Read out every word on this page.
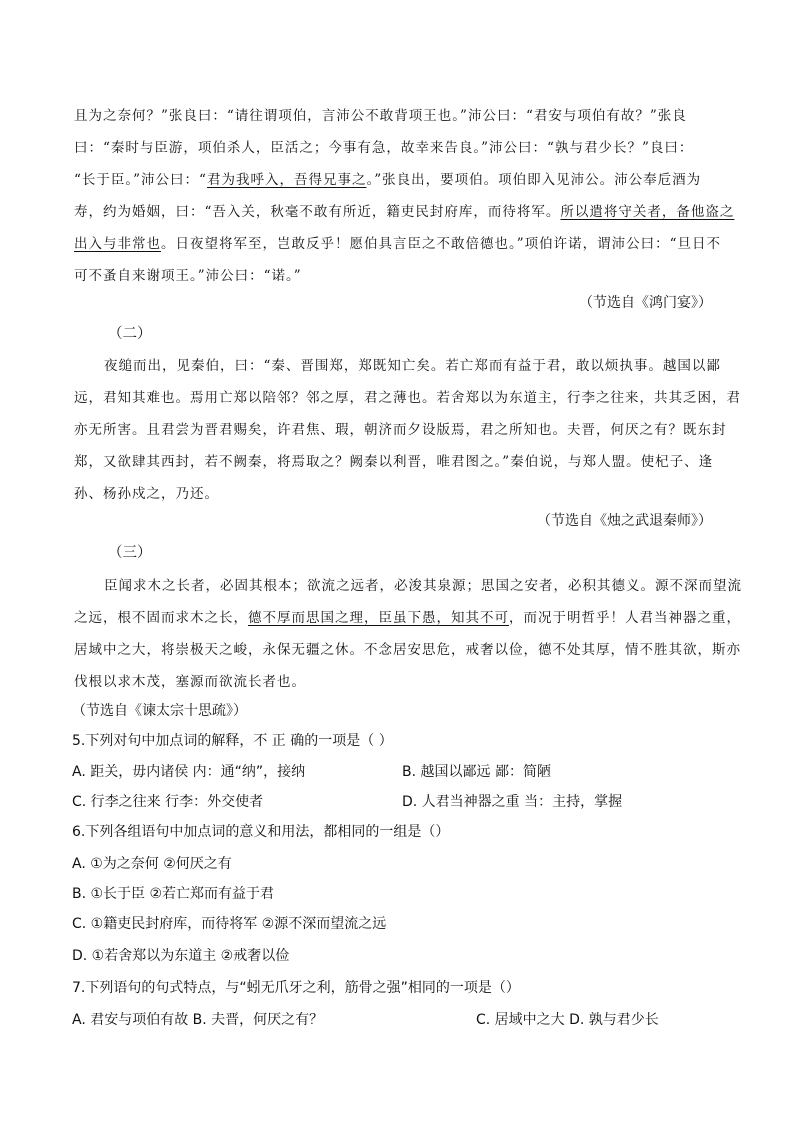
且为之奈何？”张良曰：“请往谓项伯，言沛公不敢背项王也。”沛公曰：“君安与项伯有故？”张良
曰：“秦时与臣游，项伯杀人，臣活之；今事有急，故幸来告良。”沛公曰：“孰与君少长？”良曰：
“长于臣。”沛公曰：“君为我呼入，吾得兄事之。”张良出，要项伯。项伯即入见沛公。沛公奉卮酒为
寿，约为婚姻，曰：“吾入关，秋毫不敢有所近，籍吏民封府库，而待将军。所以遣将守关者，备他盗之
出入与非常也。日夜望将军至，岂敢反乎！愿伯具言臣之不敢倍德也。”项伯许诺，谓沛公曰：“旦日不
可不蚤自来谢项王。”沛公曰：“诺。”
（节选自《鸿门宴》）
（二）
夜缒而出，见秦伯，曰：“秦、晋围郑，郑既知亡矣。若亡郑而有益于君，敢以烦执事。越国以鄙
远，君知其难也。焉用亡郑以陪邻？邻之厚，君之薄也。若舍郑以为东道主，行李之往来，共其乏困，君
亦无所害。且君尝为晋君赐矣，许君焦、瑕，朝济而夕设版焉，君之所知也。夫晋，何厌之有？既东封
郑，又欲肆其西封，若不阙秦，将焉取之？阙秦以利晋，唯君图之。”秦伯说，与郑人盟。使杞子、逢
孙、杨孙戍之，乃还。
（节选自《烛之武退秦师》）
（三）
臣闻求木之长者，必固其根本；欲流之远者，必浚其泉源；思国之安者，必积其德义。源不深而望流
之远，根不固而求木之长，德不厚而思国之理，臣虽下愚，知其不可，而况于明哲乎！人君当神器之重，
居域中之大，将崇极天之峻，永保无疆之休。不念居安思危，戒奢以俭，德不处其厚，情不胜其欲，斯亦
伐根以求木茂，塞源而欲流长者也。
（节选自《谏太宗十思疏》）
5.下列对句中加点词的解释，不 正 确的一项是（ ）
A. 距关，毋内诸侯 内：通“纳”，接纳	B. 越国以鄙远 鄙：简陋
C. 行李之往来 行李：外交使者	D. 人君当神器之重 当：主持，掌握
6.下列各组语句中加点词的意义和用法，都相同的一组是（）
A. ①为之奈何 ②何厌之有
B. ①长于臣 ②若亡郑而有益于君
C. ①籍吏民封府库，而待将军 ②源不深而望流之远
D. ①若舍郑以为东道主 ②戒奢以俭
7.下列语句的句式特点，与“蚓无爪牙之利，筋骨之强”相同的一项是（）
A. 君安与项伯有故 B. 夫晋，何厌之有？	C. 居域中之大 D. 孰与君少长
